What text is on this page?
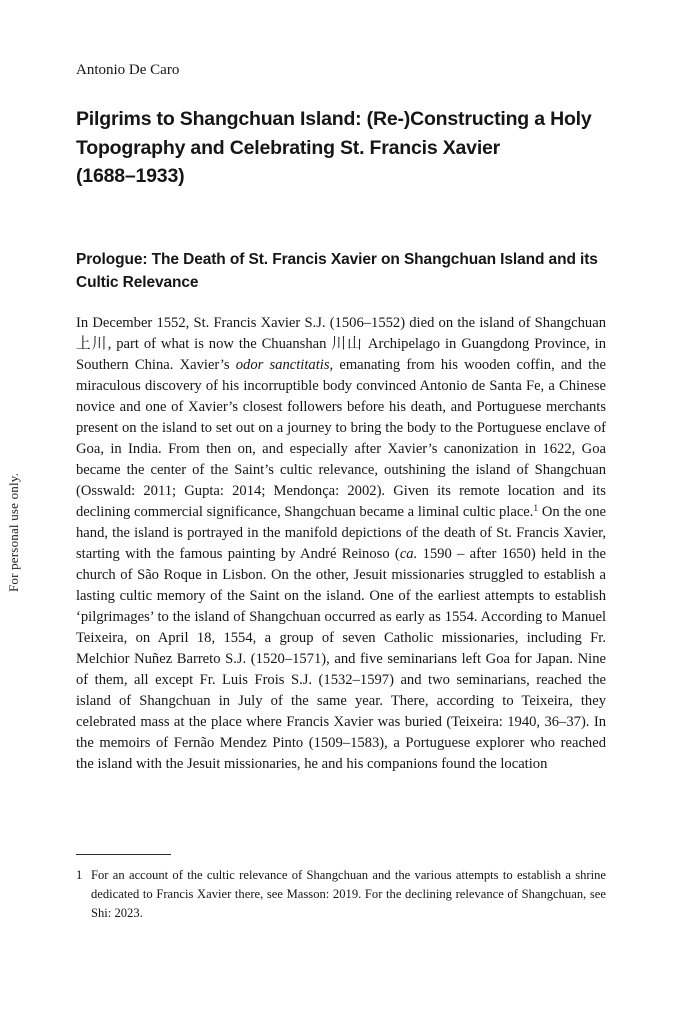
For personal use only.
Antonio De Caro
Pilgrims to Shangchuan Island: (Re-)Constructing a Holy
Topography and Celebrating St. Francis Xavier
(1688–1933)
Prologue: The Death of St. Francis Xavier on Shangchuan Island and its
Cultic Relevance

In December 1552, St. Francis Xavier S.J. (1506–1552) died on the island of Shangchuan 上川, part of what is now the Chuanshan 川山 Archipelago in Guangdong Province, in Southern China. Xavier’s odor sanctitatis, emanating from his wooden coffin, and the miraculous discovery of his incorruptible body convinced Antonio de Santa Fe, a Chinese novice and one of Xavier’s closest followers before his death, and Portuguese merchants present on the island to set out on a journey to bring the body to the Portuguese enclave of Goa, in India. From then on, and especially after Xavier’s canonization in 1622, Goa became the center of the Saint’s cultic relevance, outshining the island of Shangchuan (Osswald: 2011; Gupta: 2014; Mendonça: 2002). Given its remote location and its declining commercial significance, Shangchuan became a liminal cultic place.$^1$ On the one hand, the island is portrayed in the manifold depictions of the death of St. Francis Xavier, starting with the famous painting by André Reinoso (ca. 1590 – after 1650) held in the church of São Roque in Lisbon. On the other, Jesuit missionaries struggled to establish a lasting cultic memory of the Saint on the island. One of the earliest attempts to establish ‘pilgrimages’ to the island of Shangchuan occurred as early as 1554. According to Manuel Teixeira, on April 18, 1554, a group of seven Catholic missionaries, including Fr. Melchior Nuñez Barreto S.J. (1520–1571), and five seminarians left Goa for Japan. Nine of them, all except Fr. Luis Frois S.J. (1532–1597) and two seminarians, reached the island of Shangchuan in July of the same year. There, according to Teixeira, they celebrated mass at the place where Francis Xavier was buried (Teixeira: 1940, 36–37). In the memoirs of Fernão Mendez Pinto (1509–1583), a Portuguese explorer who reached the island with the Jesuit missionaries, he and his companions found the location

1 For an account of the cultic relevance of Shangchuan and the various attempts to establish a shrine dedicated to Francis Xavier there, see Masson: 2019. For the declining relevance of Shangchuan, see Shi: 2023.
